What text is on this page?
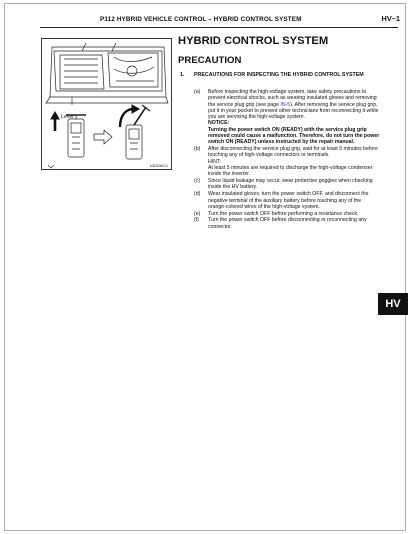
P112 HYBRID VEHICLE CONTROL – HYBRID CONTROL SYSTEM	HV–1
Lever
A083836E01
HYBRID CONTROL SYSTEM
PRECAUTION
1. PRECAUTIONS FOR INSPECTING THE HYBRID CONTROL SYSTEM
(a) Before inspecting the high-voltage system, take safety precautions to prevent electrical shocks, such as wearing insulated gloves and removing the service plug grip (see page IN-5). After removing the service plug grip, put it in your pocket to prevent other technicians from reconnecting it while you are servicing the high-voltage system.
NOTICE:
Turning the power switch ON (READY) with the service plug grip removed could cause a malfunction. Therefore, do not turn the power switch ON (READY) unless instructed by the repair manual.
(b) After disconnecting the service plug grip, wait for at least 5 minutes before touching any of high-voltage connectors or terminals.
HINT:
At least 5 minutes are required to discharge the high-voltage condenser inside the inverter.
(c) Since liquid leakage may occur, wear protective goggles when checking inside the HV battery.
(d) Wear insulated gloves, turn the power switch OFF, and disconnect the negative terminal of the auxiliary battery before touching any of the orange-colored wires of the high-voltage system.
(e) Turn the power switch OFF before performing a resistance check.
(f) Turn the power switch OFF before disconnecting or reconnecting any connector.
HV
